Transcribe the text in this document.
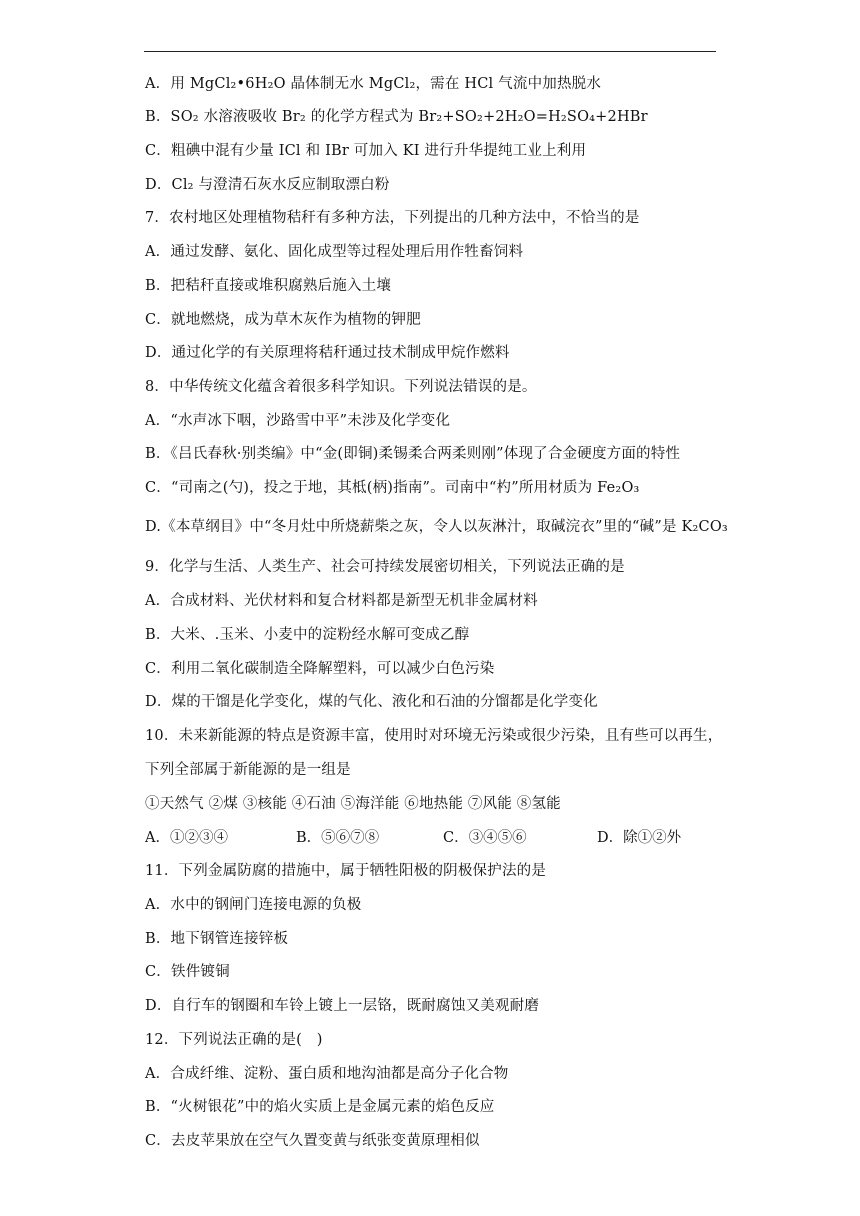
A．用 MgCl₂•6H₂O 晶体制无水 MgCl₂，需在 HCl 气流中加热脱水
B．SO₂ 水溶液吸收 Br₂ 的化学方程式为 Br₂+SO₂+2H₂O=H₂SO₄+2HBr
C．粗碘中混有少量 ICl 和 IBr 可加入 KI 进行升华提纯工业上利用
D．Cl₂ 与澄清石灰水反应制取漂白粉
7．农村地区处理植物秸秆有多种方法，下列提出的几种方法中，不恰当的是
A．通过发酵、氨化、固化成型等过程处理后用作牲畜饲料
B．把秸秆直接或堆积腐熟后施入土壤
C．就地燃烧，成为草木灰作为植物的钾肥
D．通过化学的有关原理将秸秆通过技术制成甲烷作燃料
8．中华传统文化蕴含着很多科学知识。下列说法错误的是。
A．“水声冰下咽，沙路雪中平”未涉及化学变化
B．《吕氏春秋·别类编》中“金(即铜)柔锡柔合两柔则刚”体现了合金硬度方面的特性
C．“司南之(勺)，投之于地，其柢(柄)指南”。司南中“杓”所用材质为 Fe₂O₃
D.《本草纲目》中“冬月灶中所烧薪柴之灰，令人以灰淋汁，取碱浣衣”里的“碱”是 K₂CO₃
9．化学与生活、人类生产、社会可持续发展密切相关，下列说法正确的是
A．合成材料、光伏材料和复合材料都是新型无机非金属材料
B．大米、.玉米、小麦中的淀粉经水解可变成乙醇
C．利用二氧化碳制造全降解塑料，可以减少白色污染
D．煤的干馏是化学变化，煤的气化、液化和石油的分馏都是化学变化
10．未来新能源的特点是资源丰富，使用时对环境无污染或很少污染，且有些可以再生，
下列全部属于新能源的是一组是
①天然气 ②煤 ③核能 ④石油 ⑤海洋能 ⑥地热能 ⑦风能 ⑧氢能
A．①②③④	B．⑤⑥⑦⑧	C．③④⑤⑥	D．除①②外
11．下列金属防腐的措施中，属于牺牲阳极的阴极保护法的是
A．水中的钢闸门连接电源的负极
B．地下钢管连接锌板
C．铁件镀铜
D．自行车的钢圈和车铃上镀上一层铬，既耐腐蚀又美观耐磨
12．下列说法正确的是(　)
A．合成纤维、淀粉、蛋白质和地沟油都是高分子化合物
B．“火树银花”中的焰火实质上是金属元素的焰色反应
C．去皮苹果放在空气久置变黄与纸张变黄原理相似
